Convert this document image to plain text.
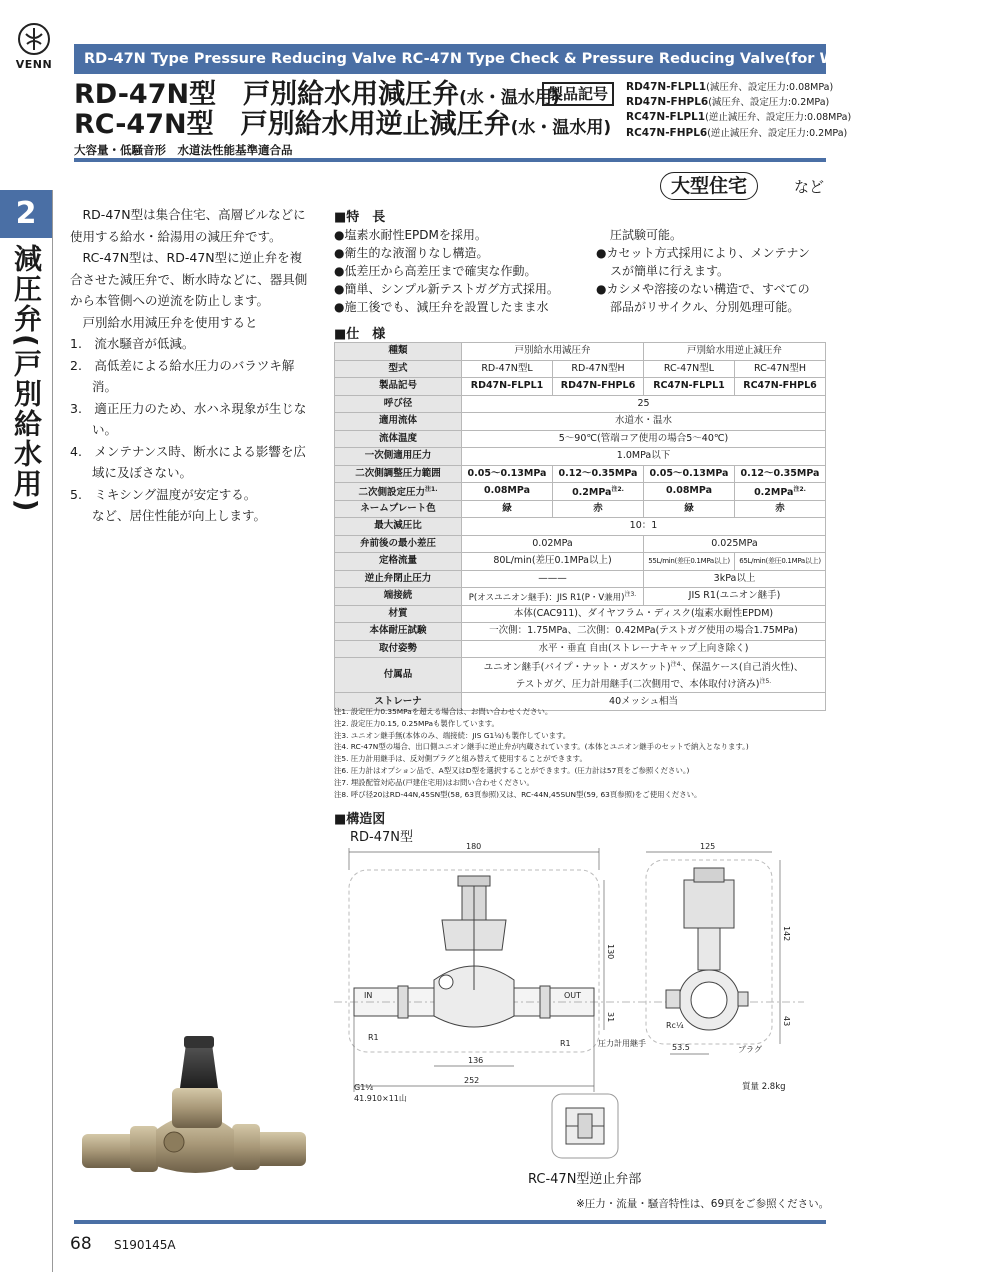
VENN	RD-47N Type Pressure Reducing Valve RC-47N Type Check & Pressure Reducing Valve(for Water or Hot Water)
RD-47N型　戸別給水用減圧弁(水・温水用)
RC-47N型　戸別給水用逆止減圧弁(水・温水用)
大容量・低騒音形　水道法性能基準適合品
製品記号	RD47N-FLPL1(減圧弁、設定圧力:0.08MPa)
RD47N-FHPL6(減圧弁、設定圧力:0.2MPa)
RC47N-FLPL1(逆止減圧弁、設定圧力:0.08MPa)
RC47N-FHPL6(逆止減圧弁、設定圧力:0.2MPa)
大型住宅	など
2
減圧弁(戸別給水用)

RD-47N型は集合住宅、高層ビルなどに使用する給水・給湯用の減圧弁です。

RC-47N型は、RD-47N型に逆止弁を複合させた減圧弁で、断水時などに、器具側から本管側への逆流を防止します。

戸別給水用減圧弁を使用すると

1.　流水騒音が低減。
2.　高低差による給水圧力のバラツキ解消。
3.　適正圧力のため、水ハネ現象が生じない。
4.　メンテナンス時、断水による影響を広域に及ぼさない。
5.　ミキシング温度が安定する。
など、居住性能が向上します。
■特　長
●塩素水耐性EPDMを採用。
●衛生的な液溜りなし構造。
●低差圧から高差圧まで確実な作動。
●簡単、シンプル新テストガグ方式採用。
●施工後でも、減圧弁を設置したまま水
圧試験可能。
●カセット方式採用により、メンテナン
スが簡単に行えます。
●カシメや溶接のない構造で、すべての
部品がリサイクル、分別処理可能。
■仕　様
種類	戸別給水用減圧弁		戸別給水用逆止減圧弁	
型式	RD-47N型L	RD-47N型H	RC-47N型L	RC-47N型H
製品記号	RD47N-FLPL1	RD47N-FHPL6	RC47N-FLPL1	RC47N-FHPL6
呼び径	25			
適用流体	水道水・温水			
流体温度	5〜90℃(管端コア使用の場合5〜40℃)			
一次側適用圧力	1.0MPa以下			
二次側調整圧力範囲	0.05〜0.13MPa	0.12〜0.35MPa	0.05〜0.13MPa	0.12〜0.35MPa
二次側設定圧力$^{注1.}$	0.08MPa	0.2MPa$^{注2.}$	0.08MPa	0.2MPa$^{注2.}$
ネームプレート色	緑	赤	緑	赤
最大減圧比	10：1			
弁前後の最小差圧	0.02MPa		0.025MPa	
定格流量	80L/min(差圧0.1MPa以上)		55L/min(差圧0.1MPa以上)	65L/min(差圧0.1MPa以上)
逆止弁閉止圧力	———		3kPa以上	
端接続	P(オスユニオン継手)：JIS R1(P・V兼用)$^{注3.}$		JIS R1(ユニオン継手)	
材質	本体(CAC911)、ダイヤフラム・ディスク(塩素水耐性EPDM)			
本体耐圧試験	一次側：1.75MPa、二次側：0.42MPa(テストガグ使用の場合1.75MPa)			
取付姿勢	水平・垂直 自由(ストレーナキャップ上向き除く)			
付属品	ユニオン継手(パイプ・ナット・ガスケット)$^{注4.}$、保温ケース(自己消火性)、
テストガグ、圧力計用継手(二次側用で、本体取付け済み)$^{注5.}$

ストレーナ	40メッシュ相当			
注1. 設定圧力0.35MPaを超える場合は、お問い合わせください。
注2. 設定圧力0.15, 0.25MPaも製作しています。
注3. ユニオン継手無(本体のみ、端接続：JIS G1¹⁄₄)も製作しています。
注4. RC-47N型の場合、出口側ユニオン継手に逆止弁が内蔵されています。(本体とユニオン継手のセットで納入となります。)
注5. 圧力計用継手は、反対側プラグと組み替えて使用することができます。
注6. 圧力計はオプション品で、A型又はD型を選択することができます。(圧力計は57頁をご参照ください。)
注7. 埋設配管対応品(戸建住宅用)はお問い合わせください。
注8. 呼び径20はRD-44N,45SN型(58, 63頁参照)又は、RC-44N,45SUN型(59, 63頁参照)をご使用ください。
■構造図
RD-47N型
180
130
31
136
252
IN	OUT
R1
R1
G1¹⁄₄
41.910×11山
125
142
43
Rc¹⁄₄
圧力計用継手	53.5	プラグ
質量 2.8kg
RC-47N型逆止弁部
※圧力・流量・騒音特性は、69頁をご参照ください。
68 S190145A
